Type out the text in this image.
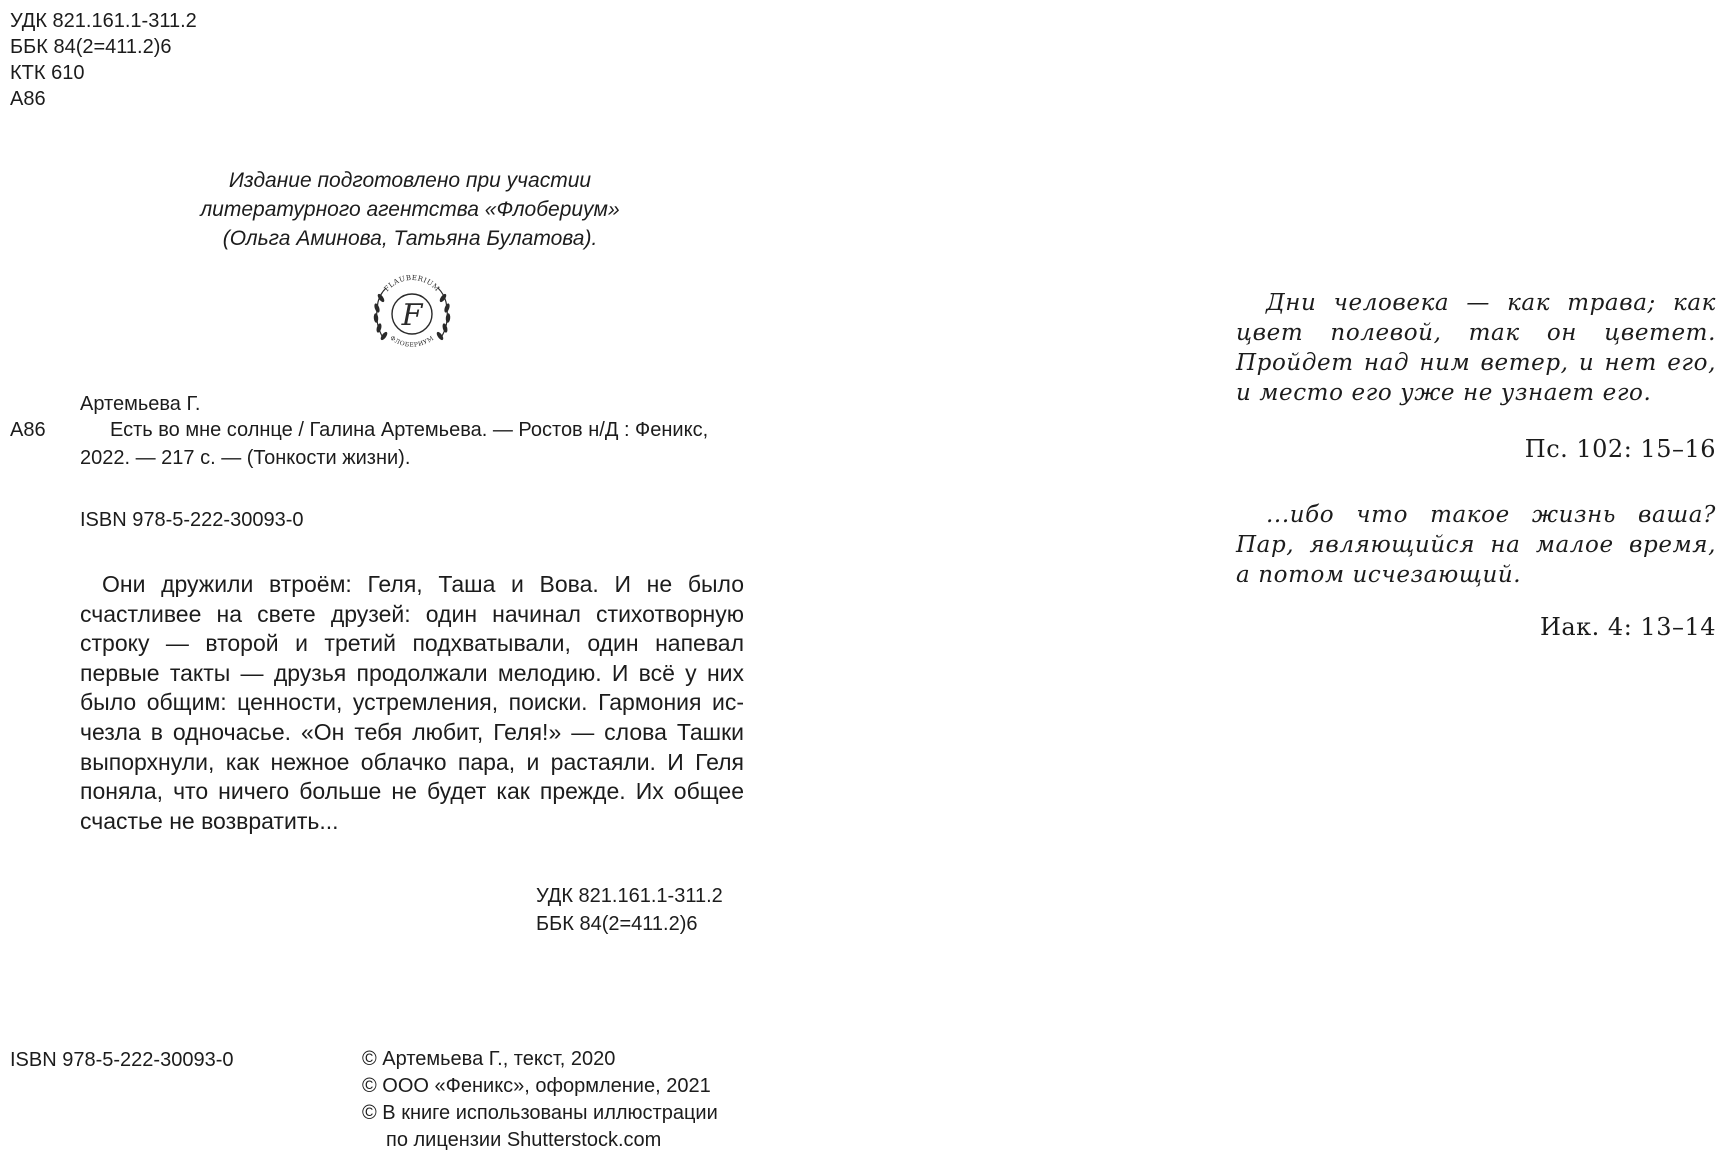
УДК 821.161.1-311.2
ББК 84(2=411.2)6
КТК 610
А86
Издание подготовлено при участии
литературного агентства «Флобериум»
(Ольга Аминова, Татьяна Булатова).
F
FLAUBERIUM
ФЛОБЕРИУМ
Артемьева Г.
А86	Есть во мне солнце / Галина Артемьева. — Ростов н/Д : Феникс,
2022. — 217 с. — (Тонкости жизни).
ISBN 978-5-222-30093-0
Они дружили втроём: Геля, Таша и Вова. И не было
счастливее на свете друзей: один начинал стихотворную
строку — второй и третий подхватывали, один напевал
первые такты — друзья продолжали мелодию. И всё у них
было общим: ценности, устремления, поиски. Гармония ис-
чезла в одночасье. «Он тебя любит, Геля!» — слова Ташки
выпорхнули, как нежное облачко пара, и растаяли. И Геля
поняла, что ничего больше не будет как прежде. Их общее
счастье не возвратить...
УДК 821.161.1-311.2
ББК 84(2=411.2)6
ISBN 978-5-222-30093-0	© Артемьева Г., текст, 2020
© ООО «Феникс», оформление, 2021
© В книге использованы иллюстрации
по лицензии Shutterstock.com
Дни человека — как трава; как
цвет полевой, так он цветет.
Пройдет над ним ветер, и нет его,
и место его уже не узнает его.
Пс. 102: 15–16
...ибо что такое жизнь ваша?
Пар, являющийся на малое время,
а потом исчезающий.
Иак. 4: 13–14
